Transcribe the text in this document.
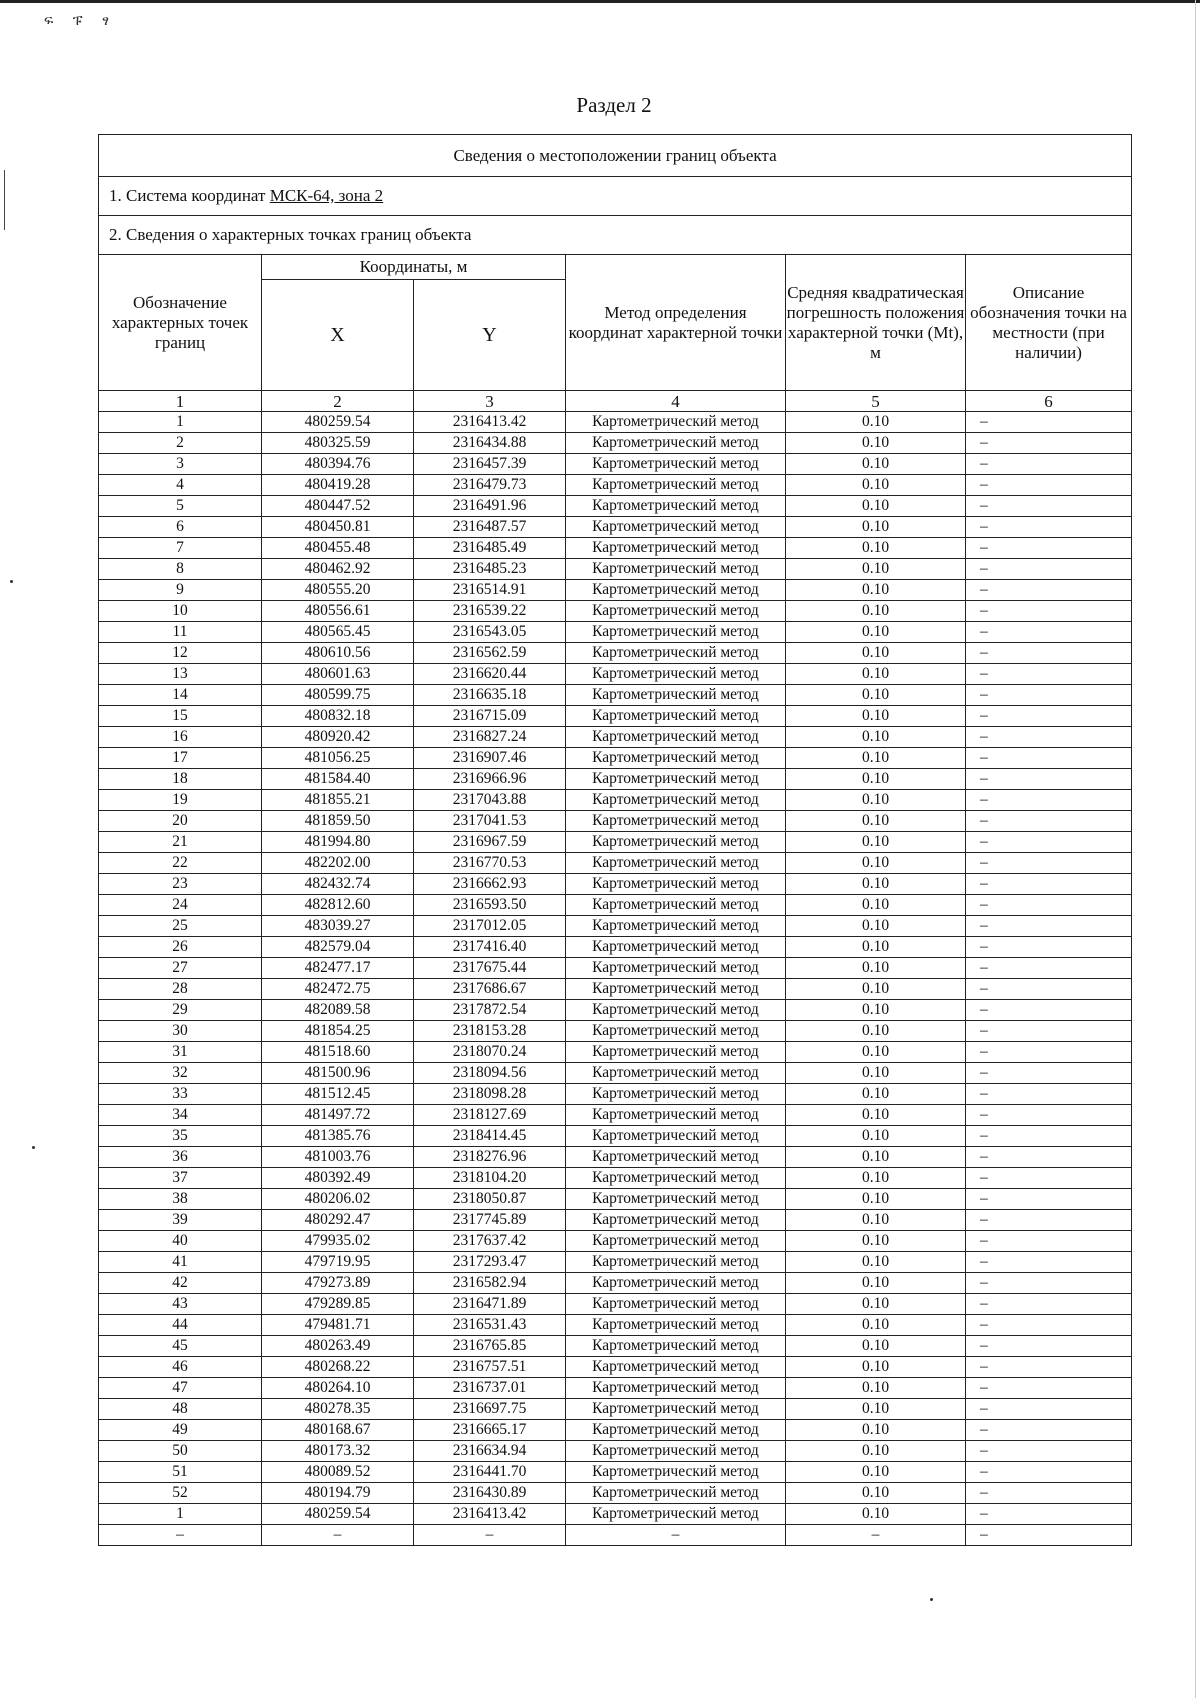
ፍ ፑ ፃ
Раздел 2
Сведения о местоположении границ объекта					
1. Система координат МСК-64, зона 2					
2. Сведения о характерных точках границ объекта					
Обозначение характерных точек границ	Координаты, м		Метод определения координат характерной точки	Средняя квадратическая погрешность положения характерной точки (Mt), м	Описание обозначения точки на местности (при наличии)
	X	Y			
1	2	3	4	5	6
1	480259.54	2316413.42	Картометрический метод	0.10	–
2	480325.59	2316434.88	Картометрический метод	0.10	–
3	480394.76	2316457.39	Картометрический метод	0.10	–
4	480419.28	2316479.73	Картометрический метод	0.10	–
5	480447.52	2316491.96	Картометрический метод	0.10	–
6	480450.81	2316487.57	Картометрический метод	0.10	–
7	480455.48	2316485.49	Картометрический метод	0.10	–
8	480462.92	2316485.23	Картометрический метод	0.10	–
9	480555.20	2316514.91	Картометрический метод	0.10	–
10	480556.61	2316539.22	Картометрический метод	0.10	–
11	480565.45	2316543.05	Картометрический метод	0.10	–
12	480610.56	2316562.59	Картометрический метод	0.10	–
13	480601.63	2316620.44	Картометрический метод	0.10	–
14	480599.75	2316635.18	Картометрический метод	0.10	–
15	480832.18	2316715.09	Картометрический метод	0.10	–
16	480920.42	2316827.24	Картометрический метод	0.10	–
17	481056.25	2316907.46	Картометрический метод	0.10	–
18	481584.40	2316966.96	Картометрический метод	0.10	–
19	481855.21	2317043.88	Картометрический метод	0.10	–
20	481859.50	2317041.53	Картометрический метод	0.10	–
21	481994.80	2316967.59	Картометрический метод	0.10	–
22	482202.00	2316770.53	Картометрический метод	0.10	–
23	482432.74	2316662.93	Картометрический метод	0.10	–
24	482812.60	2316593.50	Картометрический метод	0.10	–
25	483039.27	2317012.05	Картометрический метод	0.10	–
26	482579.04	2317416.40	Картометрический метод	0.10	–
27	482477.17	2317675.44	Картометрический метод	0.10	–
28	482472.75	2317686.67	Картометрический метод	0.10	–
29	482089.58	2317872.54	Картометрический метод	0.10	–
30	481854.25	2318153.28	Картометрический метод	0.10	–
31	481518.60	2318070.24	Картометрический метод	0.10	–
32	481500.96	2318094.56	Картометрический метод	0.10	–
33	481512.45	2318098.28	Картометрический метод	0.10	–
34	481497.72	2318127.69	Картометрический метод	0.10	–
35	481385.76	2318414.45	Картометрический метод	0.10	–
36	481003.76	2318276.96	Картометрический метод	0.10	–
37	480392.49	2318104.20	Картометрический метод	0.10	–
38	480206.02	2318050.87	Картометрический метод	0.10	–
39	480292.47	2317745.89	Картометрический метод	0.10	–
40	479935.02	2317637.42	Картометрический метод	0.10	–
41	479719.95	2317293.47	Картометрический метод	0.10	–
42	479273.89	2316582.94	Картометрический метод	0.10	–
43	479289.85	2316471.89	Картометрический метод	0.10	–
44	479481.71	2316531.43	Картометрический метод	0.10	–
45	480263.49	2316765.85	Картометрический метод	0.10	–
46	480268.22	2316757.51	Картометрический метод	0.10	–
47	480264.10	2316737.01	Картометрический метод	0.10	–
48	480278.35	2316697.75	Картометрический метод	0.10	–
49	480168.67	2316665.17	Картометрический метод	0.10	–
50	480173.32	2316634.94	Картометрический метод	0.10	–
51	480089.52	2316441.70	Картометрический метод	0.10	–
52	480194.79	2316430.89	Картометрический метод	0.10	–
1	480259.54	2316413.42	Картометрический метод	0.10	–
–	–	–	–	–	–
